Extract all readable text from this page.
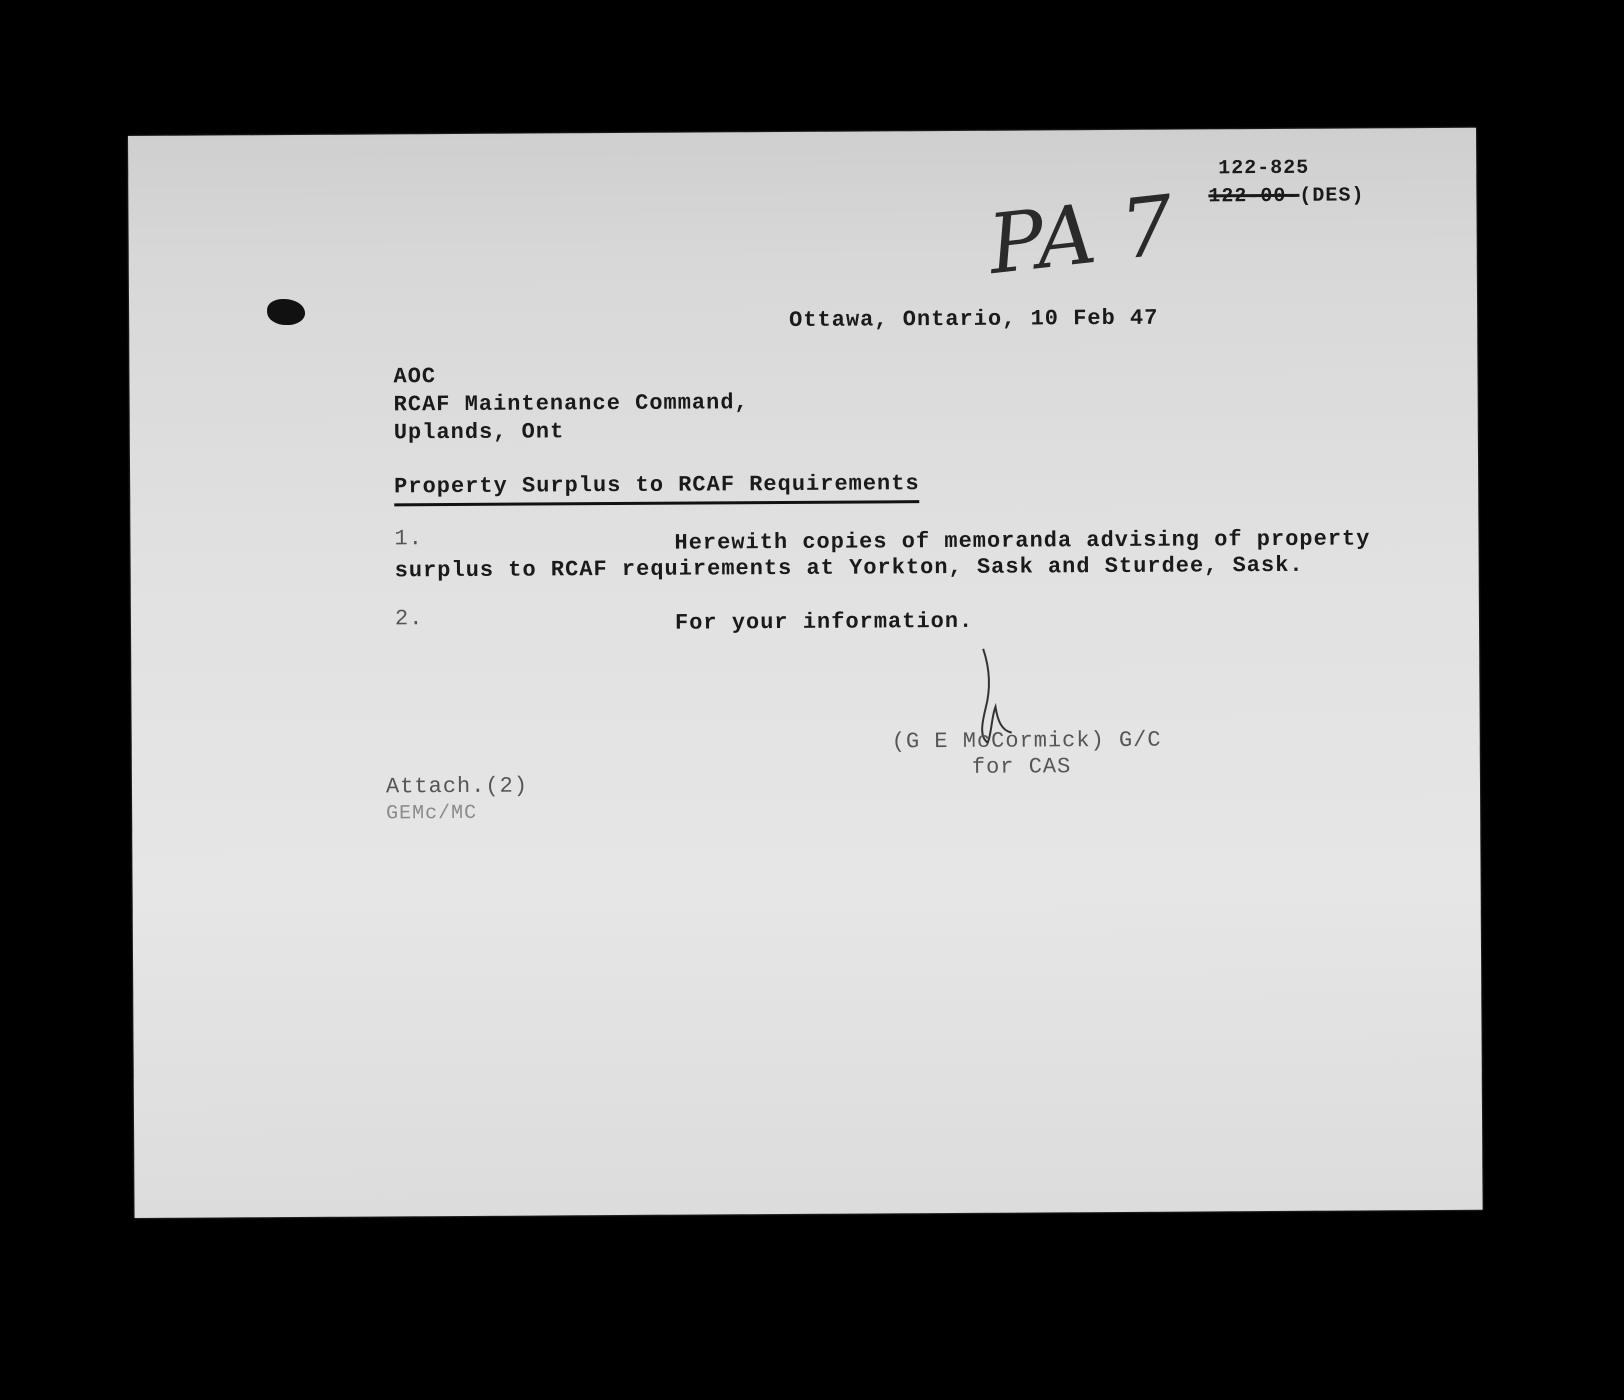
122-825
122-00-(DES)
PA 7
Ottawa, Ontario, 10 Feb 47
AOC
RCAF Maintenance Command,
Uplands, Ont
Property Surplus to RCAF Requirements
1.	Herewith copies of memoranda advising of property
surplus to RCAF requirements at Yorkton, Sask and Sturdee, Sask.
2.	For your information.
(G E McCormick) G/C
for CAS
Attach.(2)
GEMc/MC
